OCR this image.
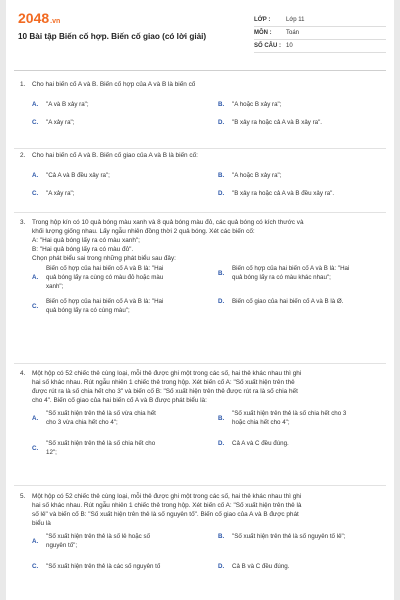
2048.vn
10 Bài tập Biến cố hợp. Biến cố giao (có lời giải)
LỚP :	Lớp 11
MÔN : Toán
SỐ CÂU : 10
1.	Cho hai biến cố A và B. Biến cố hợp của A và B là biến cố
A. "A và B xảy ra";	B. "A hoặc B xảy ra";
C. "A xảy ra";	D. "B xảy ra hoặc cả A và B xảy ra".
2.	Cho hai biến cố A và B. Biến cố giao của A và B là biến cố:
A. "Cả A và B đều xảy ra";	B. "A hoặc B xảy ra";
C. "A xảy ra";	D. "B xảy ra hoặc cả A và B đều xảy ra".
3.	Trong hộp kín có 10 quả bóng màu xanh và 8 quả bóng màu đỏ, các quả bóng có kích thước và
khối lượng giống nhau. Lấy ngẫu nhiên đồng thời 2 quả bóng. Xét các biến cố:
A: "Hai quả bóng lấy ra có màu xanh";
B: "Hai quả bóng lấy ra có màu đỏ".
Chọn phát biểu sai trong những phát biểu sau đây:
A.
Biến cố hợp của hai biến cố A và B là: "Hai
quả bóng lấy ra cùng có màu đỏ hoặc màu
xanh";
B.
Biến cố hợp của hai biến cố A và B là: "Hai
quả bóng lấy ra có màu khác nhau";
C.
Biến cố hợp của hai biến cố A và B là: "Hai
quả bóng lấy ra có cùng màu";
D. Biến cố giao của hai biến cố A và B là Ø.
4.	Một hộp có 52 chiếc thẻ cùng loại, mỗi thẻ được ghi một trong các số, hai thẻ khác nhau thì ghi
hai số khác nhau. Rút ngẫu nhiên 1 chiếc thẻ trong hộp. Xét biến cố A: "Số xuất hiện trên thẻ
được rút ra là số chia hết cho 3" và biến cố B: "Số xuất hiện trên thẻ được rút ra là số chia hết
cho 4". Biến cố giao của hai biến cố A và B được phát biểu là:
A.
"Số xuất hiện trên thẻ là số vừa chia hết
cho 3 vừa chia hết cho 4";
B.
"Số xuất hiện trên thẻ là số chia hết cho 3
hoặc chia hết cho 4";
C.
"Số xuất hiện trên thẻ là số chia hết cho
12";
D. Cả A và C đều đúng.
5.	Một hộp có 52 chiếc thẻ cùng loại, mỗi thẻ được ghi một trong các số, hai thẻ khác nhau thì ghi
hai số khác nhau. Rút ngẫu nhiên 1 chiếc thẻ trong hộp. Xét biến cố A: "Số xuất hiện trên thẻ là
số lẻ" và biến cố B: "Số xuất hiện trên thẻ là số nguyên tố". Biến cố giao của A và B được phát
biểu là
A.
"Số xuất hiện trên thẻ là số lẻ hoặc số
nguyên tố";
B. "Số xuất hiện trên thẻ là số nguyên tố lẻ";
C. "Số xuất hiện trên thẻ là các số nguyên tố	D. Cả B và C đều đúng.
